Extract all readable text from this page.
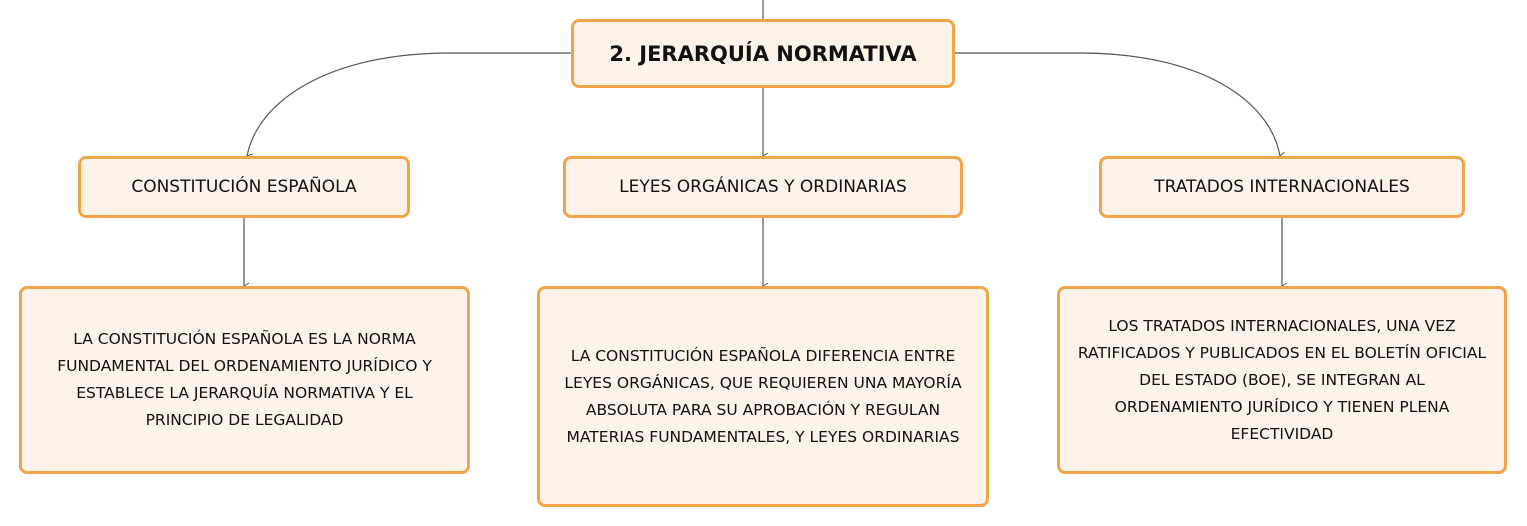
2. JERARQUÍA NORMATIVA
CONSTITUCIÓN ESPAÑOLA	LEYES ORGÁNICAS Y ORDINARIAS	TRATADOS INTERNACIONALES
LA CONSTITUCIÓN ESPAÑOLA ES LA NORMA FUNDAMENTAL DEL ORDENAMIENTO JURÍDICO Y ESTABLECE LA JERARQUÍA NORMATIVA Y EL PRINCIPIO DE LEGALIDAD
LA CONSTITUCIÓN ESPAÑOLA DIFERENCIA ENTRE LEYES ORGÁNICAS, QUE REQUIEREN UNA MAYORÍA ABSOLUTA PARA SU APROBACIÓN Y REGULAN MATERIAS FUNDAMENTALES, Y LEYES ORDINARIAS
LOS TRATADOS INTERNACIONALES, UNA VEZ RATIFICADOS Y PUBLICADOS EN EL BOLETÍN OFICIAL DEL ESTADO (BOE), SE INTEGRAN AL ORDENAMIENTO JURÍDICO Y TIENEN PLENA EFECTIVIDAD
